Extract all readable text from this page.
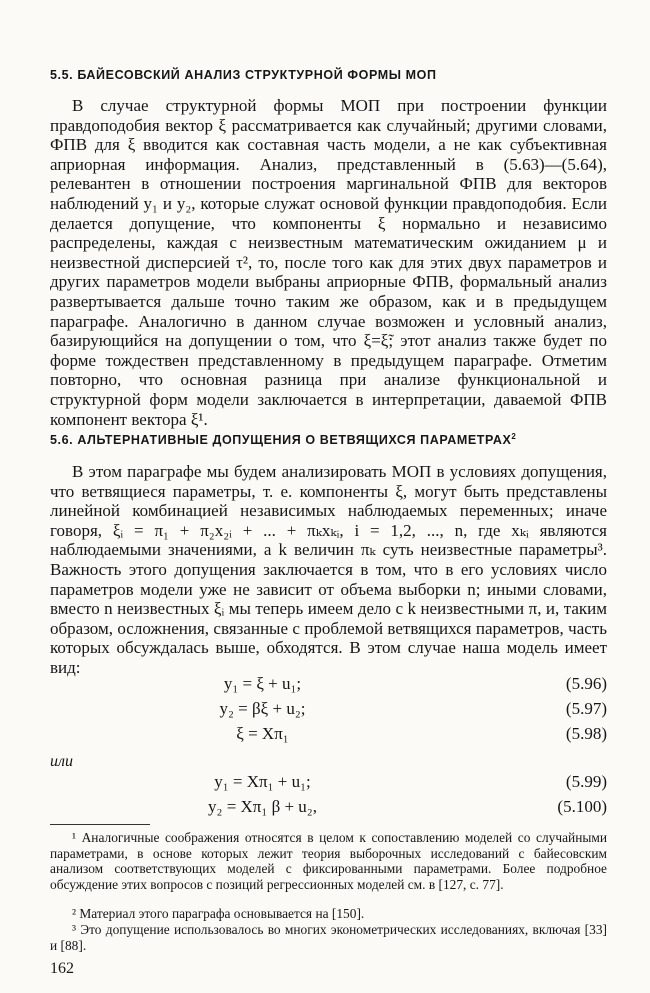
5.5. БАЙЕСОВСКИЙ АНАЛИЗ СТРУКТУРНОЙ ФОРМЫ МОП

В случае структурной формы МОП при построении функции правдоподобия вектор ξ рассматривается как случайный; другими словами, ФПВ для ξ вводится как составная часть модели, а не как субъективная априорная информация. Анализ, представленный в (5.63)—(5.64), релевантен в отношении построения маргинальной ФПВ для векторов наблюдений y₁ и y₂, которые служат основой функции правдоподобия. Если делается допущение, что компоненты ξ нормально и независимо распределены, каждая с неизвестным математическим ожиданием μ и неизвестной дисперсией τ², то, после того как для этих двух параметров и других параметров модели выбраны априорные ФПВ, формальный анализ развертывается дальше точно таким же образом, как и в предыдущем параграфе. Аналогично в данном случае возможен и условный анализ, базирующийся на допущении о том, что ξ=ξ̃; этот анализ также будет по форме тождествен представленному в предыдущем параграфе. Отметим повторно, что основная разница при анализе функциональной и структурной форм модели заключается в интерпретации, даваемой ФПВ компонент вектора ξ¹.

5.6. АЛЬТЕРНАТИВНЫЕ ДОПУЩЕНИЯ О ВЕТВЯЩИХСЯ ПАРАМЕТРАХ$^2$

В этом параграфе мы будем анализировать МОП в условиях допущения, что ветвящиеся параметры, т. е. компоненты ξ, могут быть представлены линейной комбинацией независимых наблюдаемых переменных; иначе говоря, ξᵢ = π₁ + π₂x₂ᵢ + ... + πₖxₖᵢ, i = 1,2, ..., n, где xₖᵢ являются наблюдаемыми значениями, а k величин πₖ суть неизвестные параметры³. Важность этого допущения заключается в том, что в его условиях число параметров модели уже не зависит от объема выборки n; иными словами, вместо n неизвестных ξᵢ мы теперь имеем дело с k неизвестными π, и, таким образом, осложнения, связанные с проблемой ветвящихся параметров, часть которых обсуждалась выше, обходятся. В этом случае наша модель имеет вид:

y₁ = ξ + u₁;	(5.96)
y₂ = βξ + u₂;	(5.97)
ξ = Xπ₁	(5.98)
или
y₁ = Xπ₁ + u₁;	(5.99)
y₂ = Xπ₁ β + u₂,	(5.100)

¹ Аналогичные соображения относятся в целом к сопоставлению моделей со случайными параметрами, в основе которых лежит теория выборочных исследований с байесовским анализом соответствующих моделей с фиксированными параметрами. Более подробное обсуждение этих вопросов с позиций регрессионных моделей см. в [127, с. 77].

² Материал этого параграфа основывается на [150].

³ Это допущение использовалось во многих эконометрических исследованиях, включая [33] и [88].

162
